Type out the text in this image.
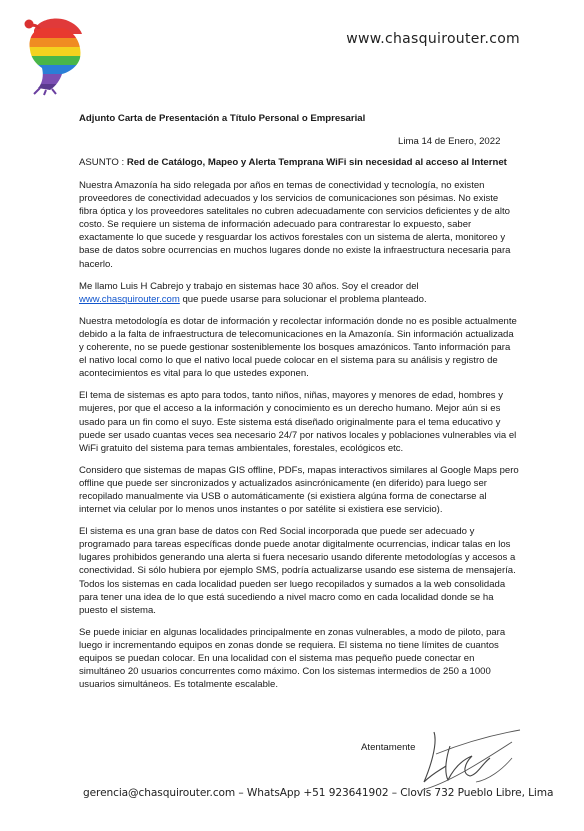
www.chasquirouter.com
Adjunto Carta de Presentación a Título Personal o Empresarial
Lima 14 de Enero, 2022
ASUNTO : Red de Catálogo, Mapeo y Alerta Temprana WiFi sin necesidad al acceso al Internet

Nuestra Amazonía ha sido relegada por años en temas de conectividad y tecnología, no existen proveedores de conectividad adecuados y los servicios de comunicaciones son pésimas. No existe fibra óptica y los proveedores satelitales no cubren adecuadamente con servicios deficientes y de alto costo. Se requiere un sistema de información adecuado para contrarestar lo expuesto, saber exactamente lo que sucede y resguardar los activos forestales con un sistema de alerta, monitoreo y base de datos sobre ocurrencias en muchos lugares donde no existe la infraestructura necesaria para hacerlo.

Me llamo Luis H Cabrejo y trabajo en sistemas hace 30 años. Soy el creador del
www.chasquirouter.com que puede usarse para solucionar el problema planteado.

Nuestra metodología es dotar de información y recolectar información donde no es posible actualmente debido a la falta de infraestructura de telecomunicaciones en la Amazonía. Sin información actualizada y coherente, no se puede gestionar sosteniblemente los bosques amazónicos. Tanto información para el nativo local como lo que el nativo local puede colocar en el sistema para su análisis y registro de acontecimientos es vital para lo que ustedes exponen.

El tema de sistemas es apto para todos, tanto niños, niñas, mayores y menores de edad, hombres y mujeres, por que el acceso a la información y conocimiento es un derecho humano. Mejor aún si es usado para un fin como el suyo. Este sistema está diseñado originalmente para el tema educativo y puede ser usado cuantas veces sea necesario 24/7 por nativos locales y poblaciones vulnerables via el WiFi gratuito del sistema para temas ambientales, forestales, ecológicos etc.

Considero que sistemas de mapas GIS offline, PDFs, mapas interactivos similares al Google Maps pero offline que puede ser sincronizados y actualizados asincrónicamente (en diferido) para luego ser recopilado manualmente via USB o automáticamente (si existiera algúna forma de conectarse al internet via celular por lo menos unos instantes o por satélite si existiera ese servicio).

El sistema es una gran base de datos con Red Social incorporada que puede ser adecuado y programado para tareas específicas donde puede anotar digitalmente ocurrencias, indicar talas en los lugares prohibidos generando una alerta si fuera necesario usando diferente metodologías y accesos a conectividad. Si sólo hubiera por ejemplo SMS, podría actualizarse usando ese sistema de mensajería. Todos los sistemas en cada localidad pueden ser luego recopilados y sumados a la web consolidada para tener una idea de lo que está sucediendo a nivel macro como en cada localidad donde se ha puesto el sistema.

Se puede iniciar en algunas localidades principalmente en zonas vulnerables, a modo de piloto, para luego ir incrementando equipos en zonas donde se requiera. El sistema no tiene límites de cuantos equipos se puedan colocar. En una localidad con el sistema mas pequeño puede conectar en simultáneo 20 usuarios concurrentes como máximo. Con los sistemas intermedios de 250 a 1000 usuarios simultáneos. Es totalmente escalable.

Atentamente
gerencia@chasquirouter.com – WhatsApp +51 923641902 – Clovis 732 Pueblo Libre, Lima
